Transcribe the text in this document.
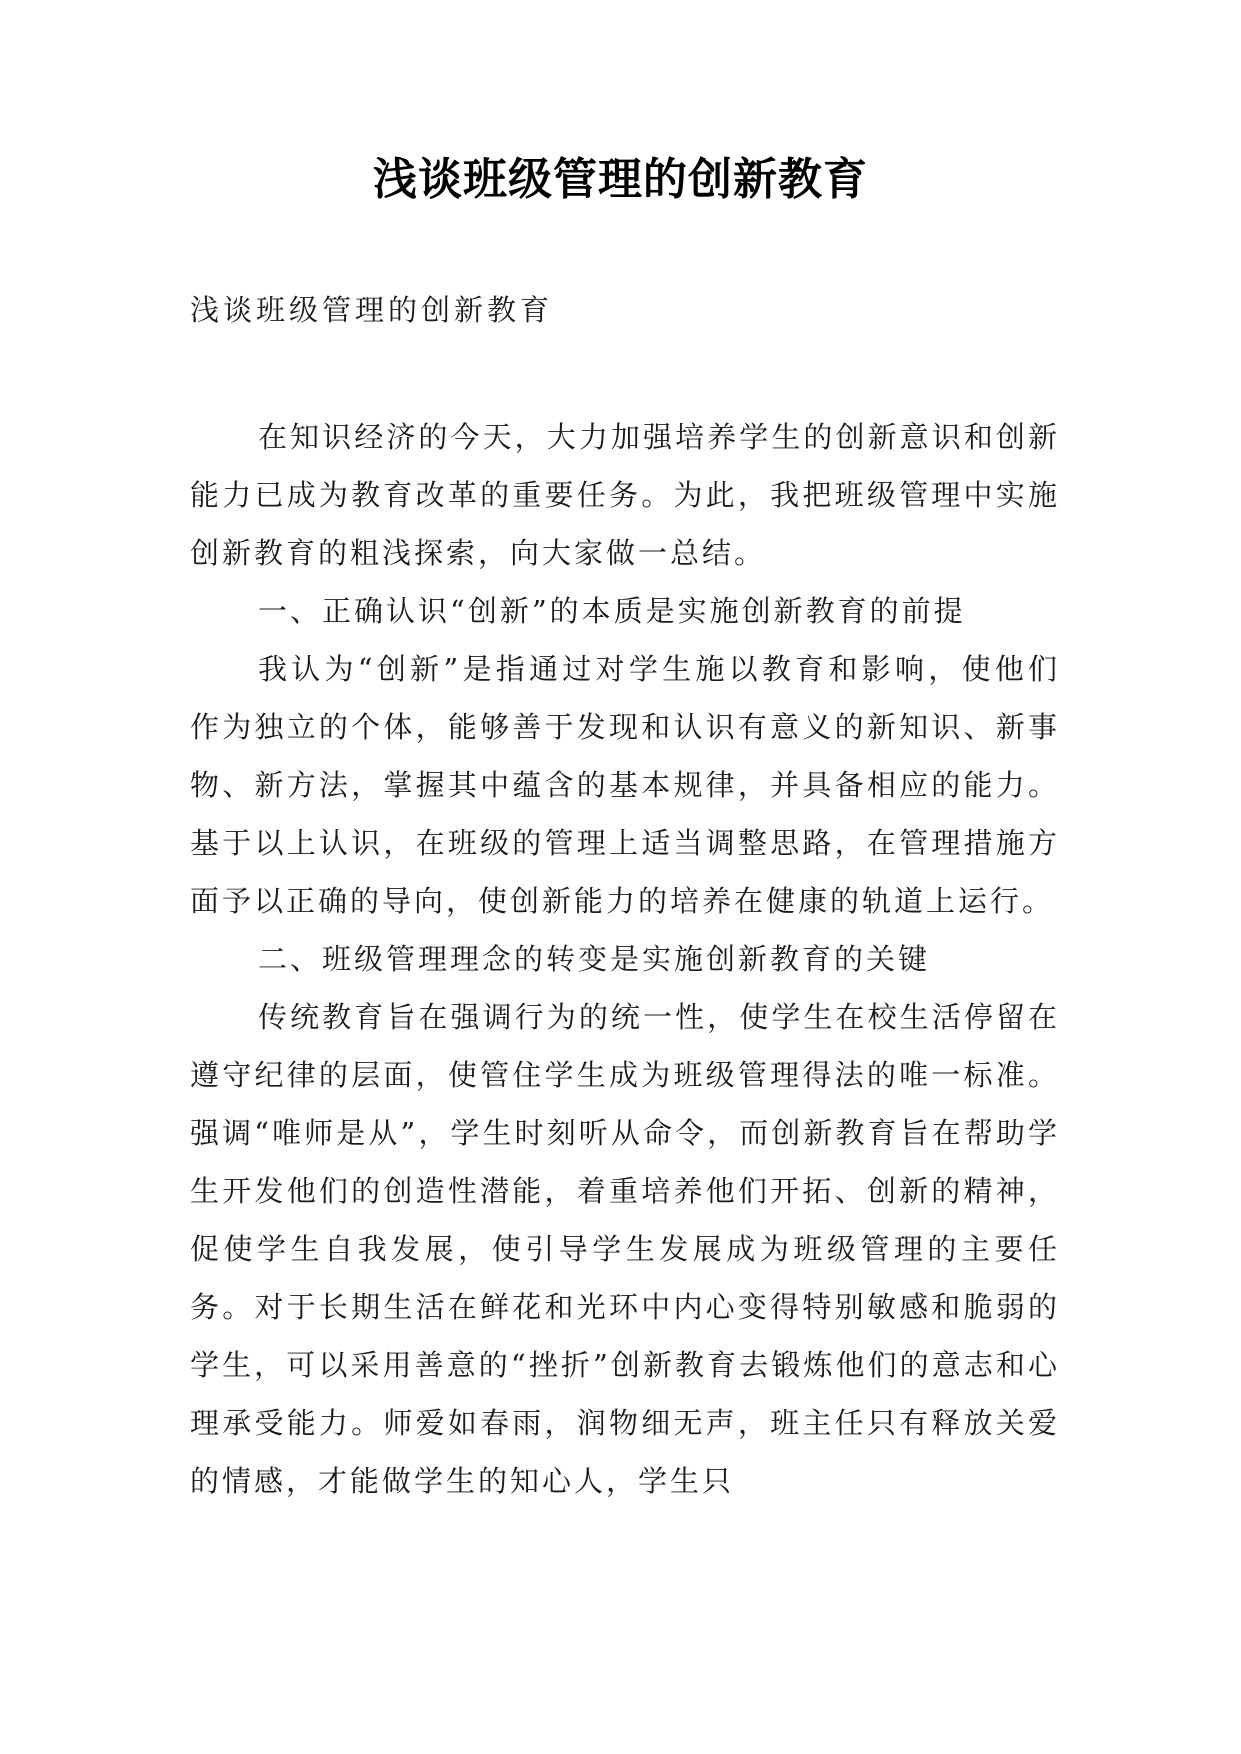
浅谈班级管理的创新教育
浅谈班级管理的创新教育

在知识经济的今天，大力加强培养学生的创新意识和创新能力已成为教育改革的重要任务。为此，我把班级管理中实施创新教育的粗浅探索，向大家做一总结。

一、正确认识“创新”的本质是实施创新教育的前提

我认为“创新”是指通过对学生施以教育和影响，使他们作为独立的个体，能够善于发现和认识有意义的新知识、新事物、新方法，掌握其中蕴含的基本规律，并具备相应的能力。基于以上认识，在班级的管理上适当调整思路，在管理措施方面予以正确的导向，使创新能力的培养在健康的轨道上运行。

二、班级管理理念的转变是实施创新教育的关键

传统教育旨在强调行为的统一性，使学生在校生活停留在遵守纪律的层面，使管住学生成为班级管理得法的唯一标准。强调“唯师是从”，学生时刻听从命令，而创新教育旨在帮助学生开发他们的创造性潜能，着重培养他们开拓、创新的精神，促使学生自我发展，使引导学生发展成为班级管理的主要任务。对于长期生活在鲜花和光环中内心变得特别敏感和脆弱的学生，可以采用善意的“挫折”创新教育去锻炼他们的意志和心理承受能力。师爱如春雨，润物细无声，班主任只有释放关爱的情感，才能做学生的知心人，学生只
